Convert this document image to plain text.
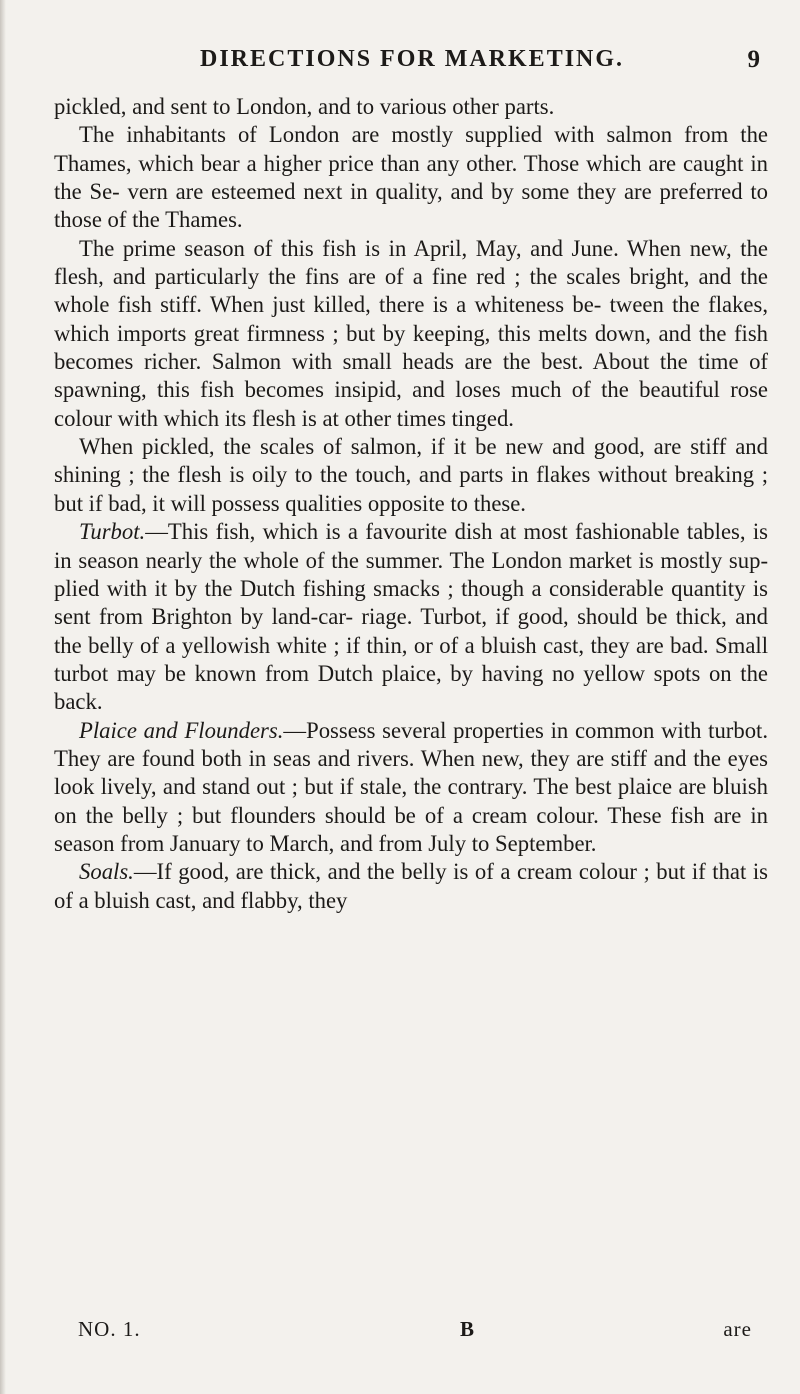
DIRECTIONS FOR MARKETING.	9

pickled, and sent to London, and to various other parts.

The inhabitants of London are mostly supplied with salmon from the Thames, which bear a higher price than any other. Those which are caught in the Se- vern are esteemed next in quality, and by some they are preferred to those of the Thames.

The prime season of this fish is in April, May, and June. When new, the flesh, and particularly the fins are of a fine red ; the scales bright, and the whole fish stiff. When just killed, there is a whiteness be- tween the flakes, which imports great firmness ; but by keeping, this melts down, and the fish becomes richer. Salmon with small heads are the best. About the time of spawning, this fish becomes insipid, and loses much of the beautiful rose colour with which its flesh is at other times tinged.

When pickled, the scales of salmon, if it be new and good, are stiff and shining ; the flesh is oily to the touch, and parts in flakes without breaking ; but if bad, it will possess qualities opposite to these.

Turbot.—This fish, which is a favourite dish at most fashionable tables, is in season nearly the whole of the summer. The London market is mostly sup- plied with it by the Dutch fishing smacks ; though a considerable quantity is sent from Brighton by land-car- riage. Turbot, if good, should be thick, and the belly of a yellowish white ; if thin, or of a bluish cast, they are bad. Small turbot may be known from Dutch plaice, by having no yellow spots on the back.

Plaice and Flounders.—Possess several properties in common with turbot. They are found both in seas and rivers. When new, they are stiff and the eyes look lively, and stand out ; but if stale, the contrary. The best plaice are bluish on the belly ; but flounders should be of a cream colour. These fish are in season from January to March, and from July to September.

Soals.—If good, are thick, and the belly is of a cream colour ; but if that is of a bluish cast, and flabby, they

NO. 1.	B	are
